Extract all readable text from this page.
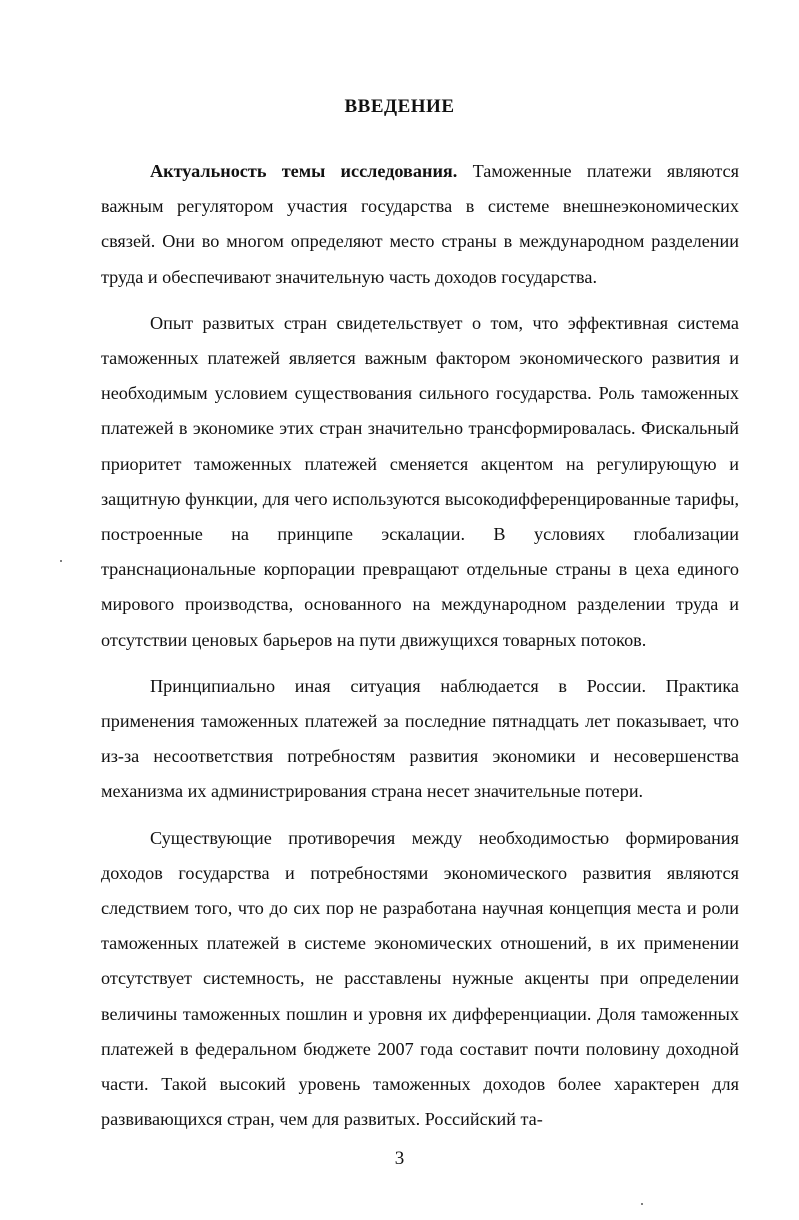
ВВЕДЕНИЕ

Актуальность темы исследования. Таможенные платежи являются важным регулятором участия государства в системе внешнеэкономических связей. Они во многом определяют место страны в международном разделении труда и обеспечивают значительную часть доходов государства.

Опыт развитых стран свидетельствует о том, что эффективная система таможенных платежей является важным фактором экономического развития и необходимым условием существования сильного государства. Роль таможенных платежей в экономике этих стран значительно трансформировалась. Фискальный приоритет таможенных платежей сменяется акцентом на регулирующую и защитную функции, для чего используются высокодифференцированные тарифы, построенные на принципе эскалации. В условиях глобализации транснациональные корпорации превращают отдельные страны в цеха единого мирового производства, основанного на международном разделении труда и отсутствии ценовых барьеров на пути движущихся товарных потоков.

Принципиально иная ситуация наблюдается в России. Практика применения таможенных платежей за последние пятнадцать лет показывает, что из-за несоответствия потребностям развития экономики и несовершенства механизма их администрирования страна несет значительные потери.

Существующие противоречия между необходимостью формирования доходов государства и потребностями экономического развития являются следствием того, что до сих пор не разработана научная концепция места и роли таможенных платежей в системе экономических отношений, в их применении отсутствует системность, не расставлены нужные акценты при определении величины таможенных пошлин и уровня их дифференциации. Доля таможенных платежей в федеральном бюджете 2007 года составит почти половину доходной части. Такой высокий уровень таможенных доходов более характерен для развивающихся стран, чем для развитых. Российский та-

3
